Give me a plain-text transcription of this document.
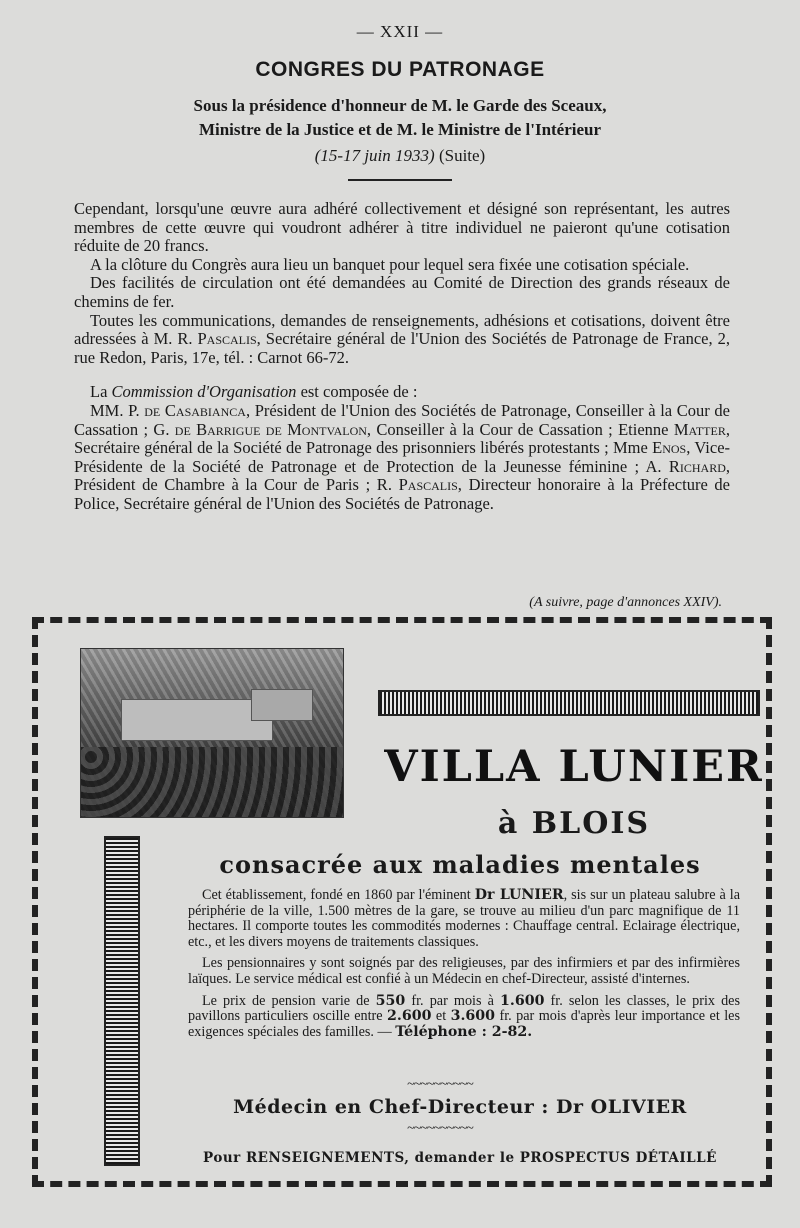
— XXII —
CONGRES DU PATRONAGE
Sous la présidence d'honneur de M. le Garde des Sceaux,
Ministre de la Justice et de M. le Ministre de l'Intérieur
(15-17 juin 1933) (Suite)

Cependant, lorsqu'une œuvre aura adhéré collectivement et désigné son représentant, les autres membres de cette œuvre qui voudront adhérer à titre individuel ne paieront qu'une cotisation réduite de 20 francs.

A la clôture du Congrès aura lieu un banquet pour lequel sera fixée une cotisation spéciale.

Des facilités de circulation ont été demandées au Comité de Direction des grands réseaux de chemins de fer.

Toutes les communications, demandes de renseignements, adhésions et cotisations, doivent être adressées à M. R. Pascalis, Secrétaire général de l'Union des Sociétés de Patronage de France, 2, rue Redon, Paris, 17e, tél. : Carnot 66-72.

La Commission d'Organisation est composée de :

MM. P. de Casabianca, Président de l'Union des Sociétés de Patronage, Conseiller à la Cour de Cassation ; G. de Barrigue de Montvalon, Conseiller à la Cour de Cassation ; Etienne Matter, Secrétaire général de la Société de Patronage des prisonniers libérés protestants ; Mme Enos, Vice-Présidente de la Société de Patronage et de Protection de la Jeunesse féminine ; A. Richard, Président de Chambre à la Cour de Paris ; R. Pascalis, Directeur honoraire à la Préfecture de Police, Secrétaire général de l'Union des Sociétés de Patronage.

(A suivre, page d'annonces XXIV).
VILLA LUNIER
à BLOIS
consacrée aux maladies mentales

Cet établissement, fondé en 1860 par l'éminent Dr LUNIER, sis sur un plateau salubre à la périphérie de la ville, 1.500 mètres de la gare, se trouve au milieu d'un parc magnifique de 11 hectares. Il comporte toutes les commodités modernes : Chauffage central. Eclairage électrique, etc., et les divers moyens de traitements classiques.

Les pensionnaires y sont soignés par des religieuses, par des infirmiers et par des infirmières laïques. Le service médical est confié à un Médecin en chef-Directeur, assisté d'internes.

Le prix de pension varie de 550 fr. par mois à 1.600 fr. selon les classes, le prix des pavillons particuliers oscille entre 2.600 et 3.600 fr. par mois d'après leur importance et les exigences spéciales des familles. — Téléphone : 2-82.

~~~~~~~~~~
Médecin en Chef-Directeur : Dr OLIVIER
~~~~~~~~~~
Pour RENSEIGNEMENTS, demander le PROSPECTUS DÉTAILLÉ
